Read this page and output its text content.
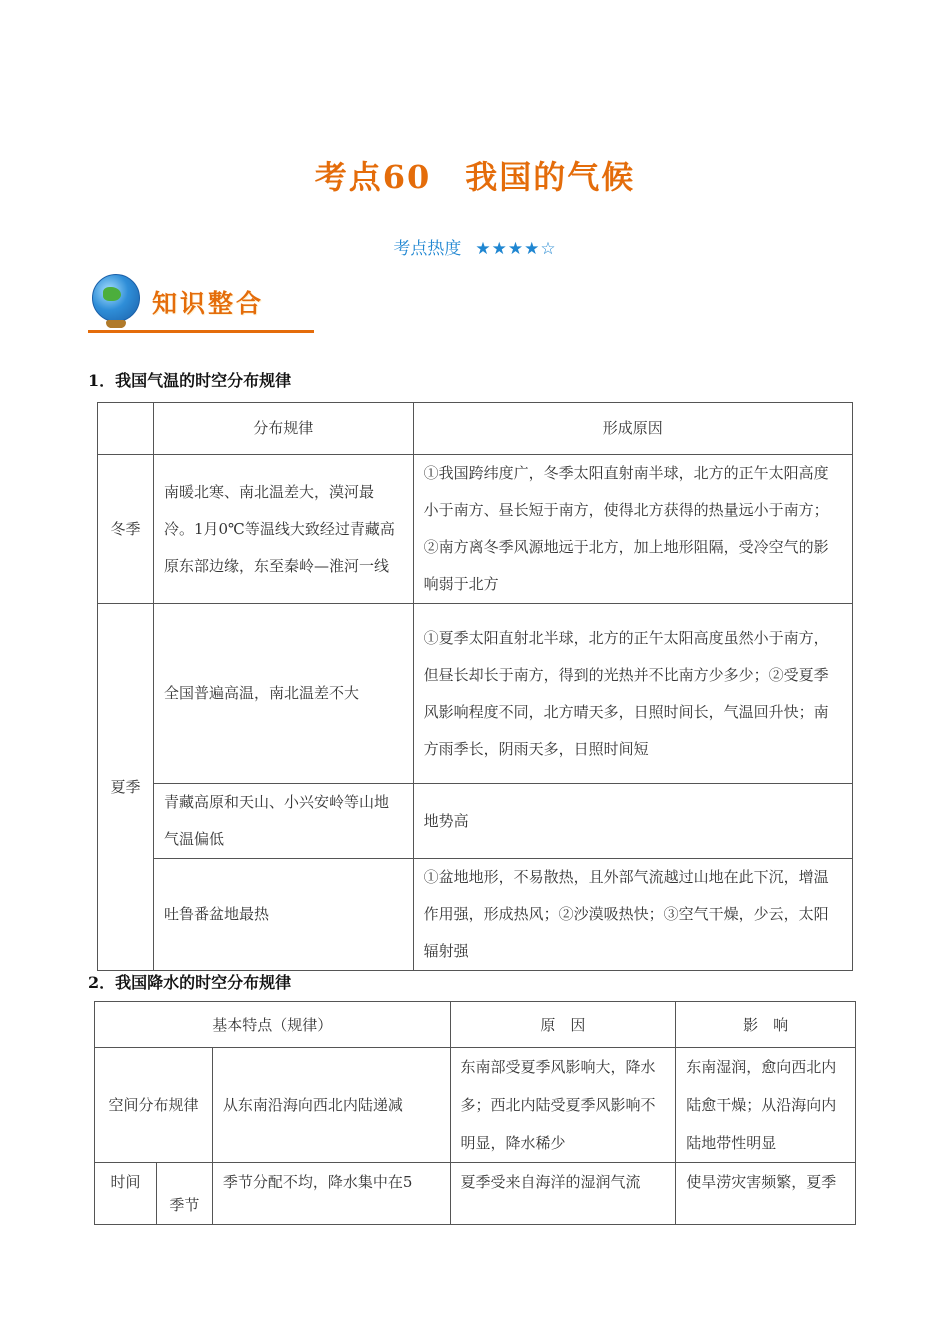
考点60 我国的气候
考点热度 ★★★★☆
知识整合
1．我国气温的时空分布规律
	分布规律	形成原因
冬季	南暖北寒、南北温差大，漠河最冷。1月0℃等温线大致经过青藏高原东部边缘，东至秦岭—淮河一线	①我国跨纬度广，冬季太阳直射南半球，北方的正午太阳高度小于南方、昼长短于南方，使得北方获得的热量远小于南方；②南方离冬季风源地远于北方，加上地形阻隔，受冷空气的影响弱于北方
夏季	全国普遍高温，南北温差不大	①夏季太阳直射北半球，北方的正午太阳高度虽然小于南方，但昼长却长于南方，得到的光热并不比南方少多少；②受夏季风影响程度不同，北方晴天多，日照时间长，气温回升快；南方雨季长，阴雨天多，日照时间短
	青藏高原和天山、小兴安岭等山地气温偏低	地势高
	吐鲁番盆地最热	①盆地地形，不易散热，且外部气流越过山地在此下沉，增温作用强，形成热风；②沙漠吸热快；③空气干燥，少云，太阳辐射强
2．我国降水的时空分布规律
基本特点（规律）			原　因	影　响
空间分布规律		从东南沿海向西北内陆递减	东南部受夏季风影响大，降水多；西北内陆受夏季风影响不明显，降水稀少	东南湿润，愈向西北内陆愈干燥；从沿海向内陆地带性明显
时间	季节	季节分配不均，降水集中在5	夏季受来自海洋的湿润气流	使旱涝灾害频繁，夏季
